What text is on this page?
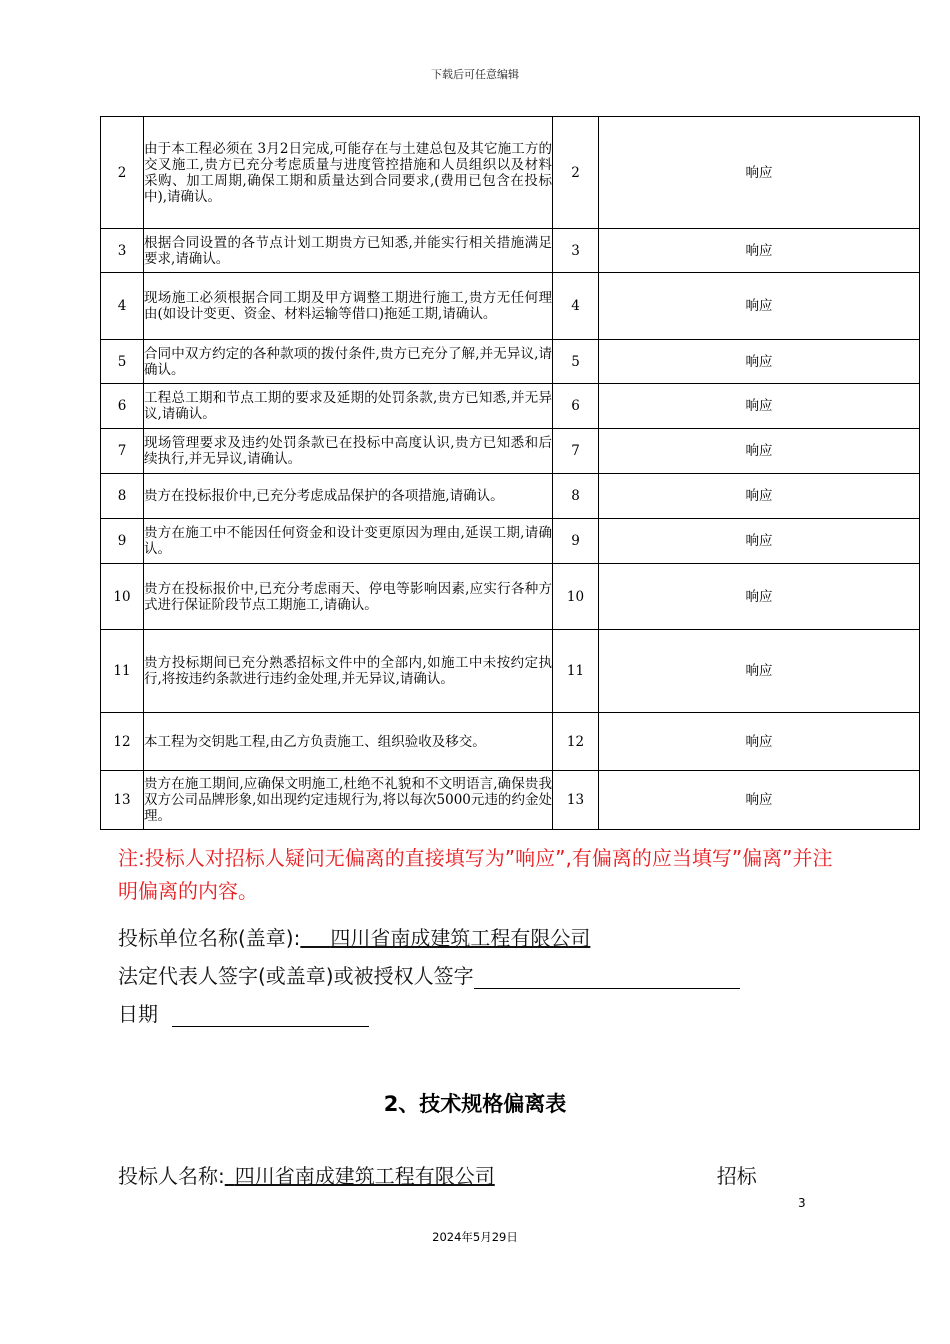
下载后可任意编辑
2	由于本工程必须在 3月2日完成,可能存在与土建总包及其它施工方的交叉施工,贵方已充分考虑质量与进度管控措施和人员组织以及材料采购、加工周期,确保工期和质量达到合同要求,(费用已包含在投标中),请确认。	2	响应
3	根据合同设置的各节点计划工期贵方已知悉,并能实行相关措施满足要求,请确认。	3	响应
4	现场施工必须根据合同工期及甲方调整工期进行施工,贵方无任何理由(如设计变更、资金、材料运输等借口)拖延工期,请确认。	4	响应
5	合同中双方约定的各种款项的拨付条件,贵方已充分了解,并无异议,请确认。	5	响应
6	工程总工期和节点工期的要求及延期的处罚条款,贵方已知悉,并无异议,请确认。	6	响应
7	现场管理要求及违约处罚条款已在投标中高度认识,贵方已知悉和后续执行,并无异议,请确认。	7	响应
8	贵方在投标报价中,已充分考虑成品保护的各项措施,请确认。	8	响应
9	贵方在施工中不能因任何资金和设计变更原因为理由,延误工期,请确认。	9	响应
10	贵方在投标报价中,已充分考虑雨天、停电等影响因素,应实行各种方式进行保证阶段节点工期施工,请确认。	10	响应
11	贵方投标期间已充分熟悉招标文件中的全部内,如施工中未按约定执行,将按违约条款进行违约金处理,并无异议,请确认。	11	响应
12	本工程为交钥匙工程,由乙方负责施工、组织验收及移交。	12	响应
13	贵方在施工期间,应确保文明施工,杜绝不礼貌和不文明语言,确保贵我双方公司品牌形象,如出现约定违规行为,将以每次5000元违的约金处理。	13	响应
注:投标人对招标人疑问无偏离的直接填写为”响应”,有偏离的应当填写”偏离”并注明偏离的内容。
投标单位名称(盖章):   四川省南成建筑工程有限公司
法定代表人签字(或盖章)或被授权人签字
日期
2、技术规格偏离表
投标人名称:  四川省南成建筑工程有限公司	招标
3
2024年5月29日
